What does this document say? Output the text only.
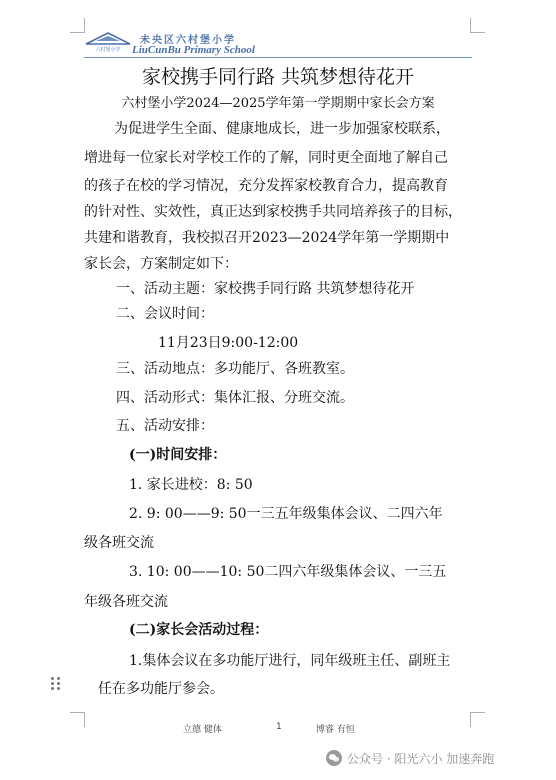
六村堡小学
未央区六村堡小学
LiuCunBu Primary School
家校携手同行路 共筑梦想待花开
六村堡小学2024—2025学年第一学期期中家长会方案
为促进学生全面、健康地成长，进一步加强家校联系，
增进每一位家长对学校工作的了解，同时更全面地了解自己
的孩子在校的学习情况，充分发挥家校教育合力，提高教育
的针对性、实效性，真正达到家校携手共同培养孩子的目标，
共建和谐教育，我校拟召开2023—2024学年第一学期期中
家长会，方案制定如下：
一、活动主题：家校携手同行路 共筑梦想待花开
二、会议时间：
11月23日9:00-12:00
三、活动地点：多功能厅、各班教室。
四、活动形式：集体汇报、分班交流。
五、活动安排：
(一)时间安排：
1. 家长进校：8: 50
2. 9: 00——9: 50一三五年级集体会议、二四六年
级各班交流
3. 10: 00——10: 50二四六年级集体会议、一三五
年级各班交流
(二)家长会活动过程：
1.集体会议在多功能厅进行，同年级班主任、副班主
任在多功能厅参会。
立德 健体	1	博睿 有恒
公众号 · 阳光六小 加速奔跑
